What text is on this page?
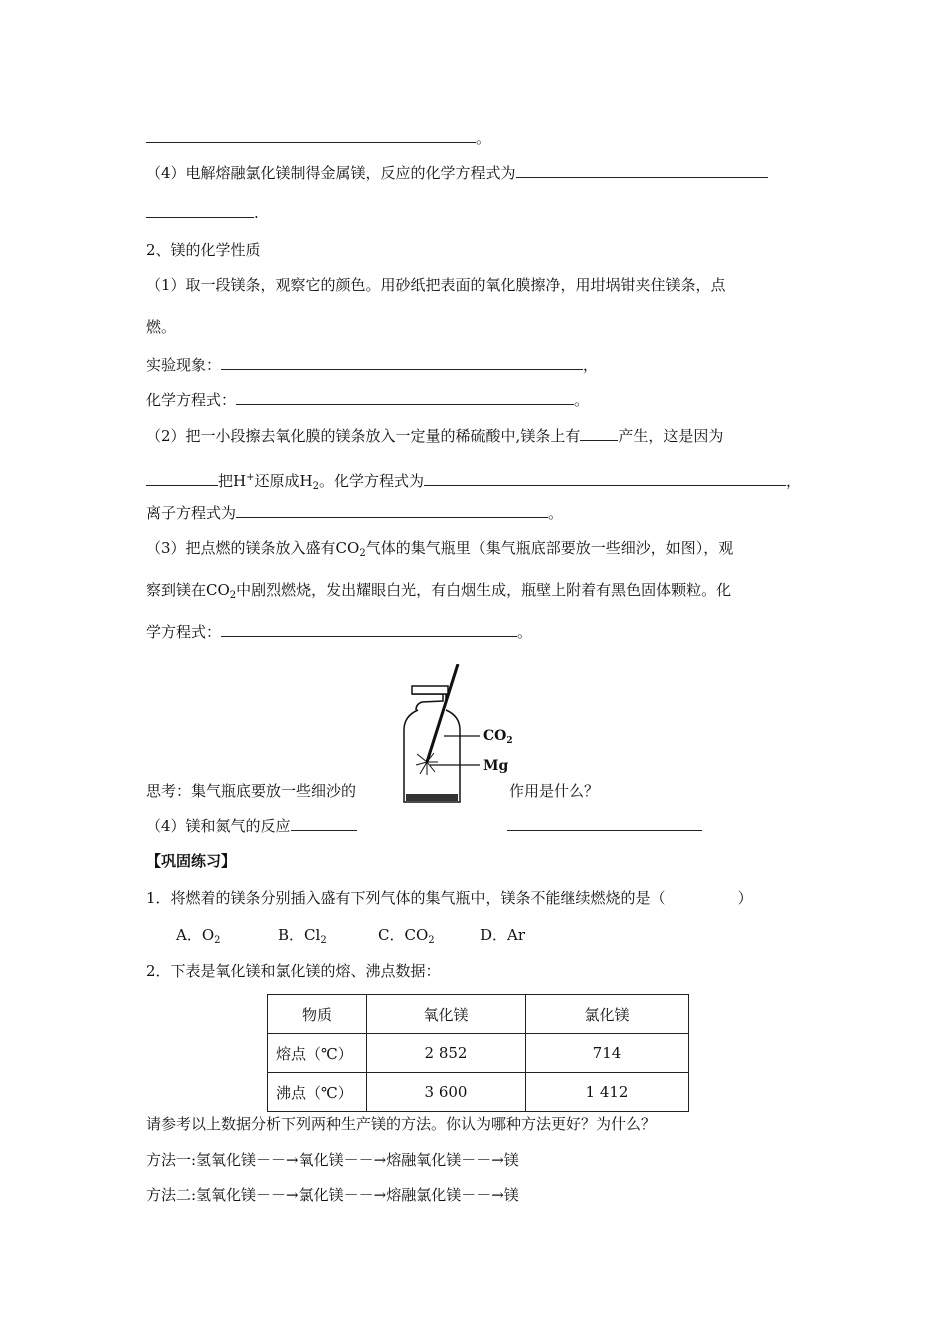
。
（4）电解熔融氯化镁制得金属镁，反应的化学方程式为
.
2、镁的化学性质
（1）取一段镁条，观察它的颜色。用砂纸把表面的氧化膜擦净，用坩埚钳夹住镁条，点
燃。
实验现象：	，
化学方程式：	。
（2）把一小段擦去氧化膜的镁条放入一定量的稀硫酸中,镁条上有	产生，这是因为
把H+还原成$H_2$。化学方程式为	，
离子方程式为	。
（3）把点燃的镁条放入盛有$CO_2$气体的集气瓶里（集气瓶底部要放一些细沙，如图），观
察到镁在$CO_2$中剧烈燃烧，发出耀眼白光，有白烟生成，瓶壁上附着有黑色固体颗粒。化
学方程式：	。
$CO_2$
Mg
思考：集气瓶底要放一些细沙的	作用是什么？
（4）镁和氮气的反应
【巩固练习】
1．将燃着的镁条分别插入盛有下列气体的集气瓶中，镁条不能继续燃烧的是（	）
A．$O_2$	B．$Cl_2$	C．$CO_2$	D．Ar
2．下表是氧化镁和氯化镁的熔、沸点数据：
物质	氧化镁	氯化镁
熔点（℃）	2 852	714
沸点（℃）	3 600	1 412
请参考以上数据分析下列两种生产镁的方法。你认为哪种方法更好？为什么？
方法一:氢氧化镁－－→氧化镁－－→熔融氧化镁－－→镁
方法二:氢氧化镁－－→氯化镁－－→熔融氯化镁－－→镁
